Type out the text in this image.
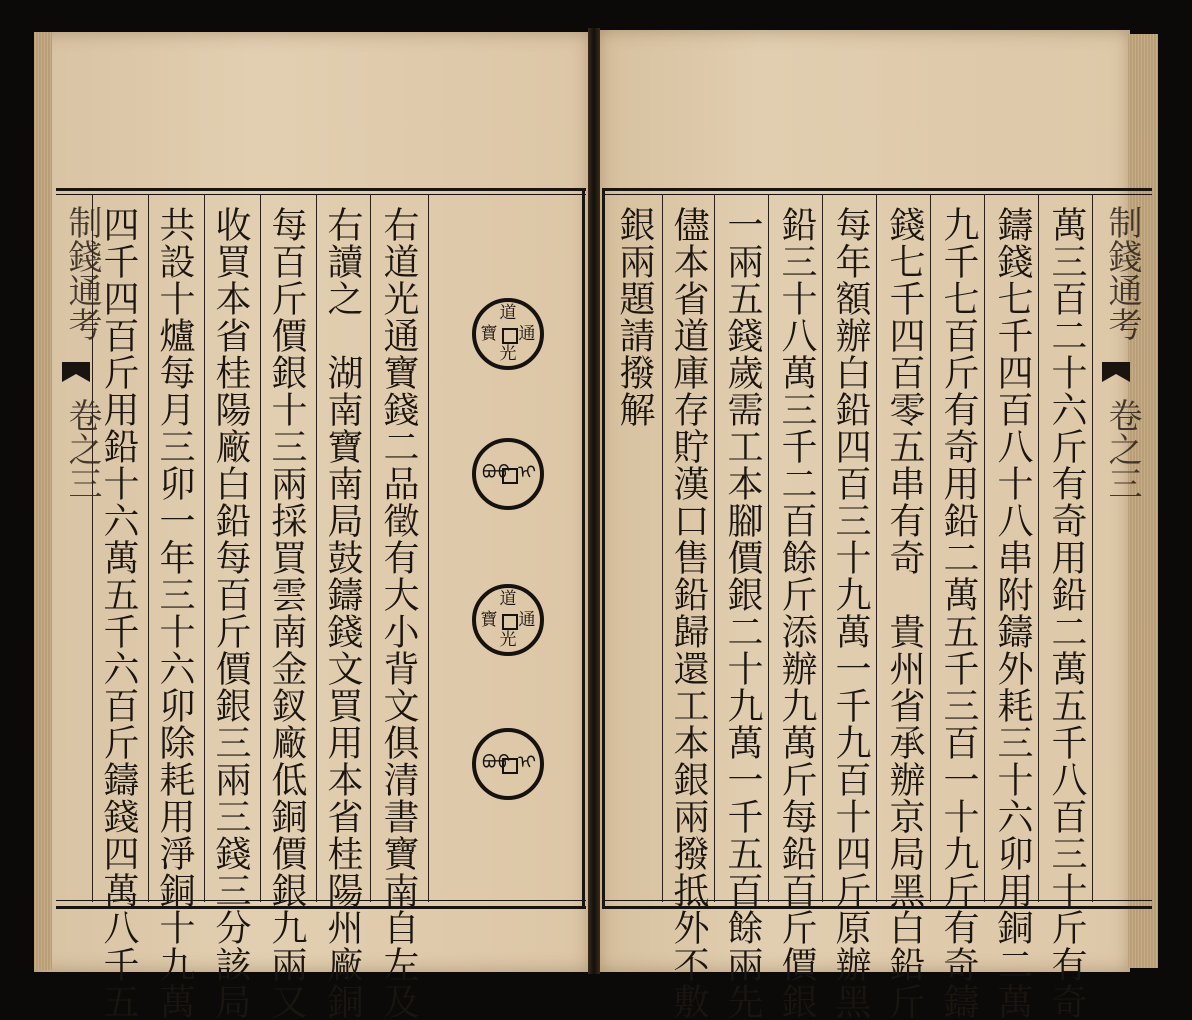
制錢通考
卷之三	右道光通寶錢二品徵有大小背文俱清書寶南自左及
右讀之　湖南寶南局鼓鑄錢文買用本省桂陽州廠銅
每百斤價銀十三兩採買雲南金釵廠低銅價銀九兩又
收買本省桂陽廠白鉛每百斤價銀三兩三錢三分該局
共設十爐每月三卯一年三十六卯除耗用淨銅十九萬
四千四百斤用鉛十六萬五千六百斤鑄錢四萬八千五	道
通
光
寶
ᠪᠣᠣ ᡳ
道
通
光
寶
ᠪᠣᠣ ᡳ	萬三百二十六斤有奇用鉛二萬五千八百三十斤有奇
鑄錢七千四百八十八串附鑄外耗三十六卯用銅二萬
九千七百斤有奇用鉛二萬五千三百一十九斤有奇鑄
錢七千四百零五串有奇　貴州省承辦京局黑白鉛斤
每年額辦白鉛四百三十九萬一千九百十四斤原辦黑
鉛三十八萬三千二百餘斤添辦九萬斤每鉛百斤價銀
一兩五錢歲需工本腳價銀二十九萬一千五百餘兩先
儘本省道庫存貯漢口售鉛歸還工本銀兩撥抵外不敷
銀兩題請撥解	制錢通考
卷之三
